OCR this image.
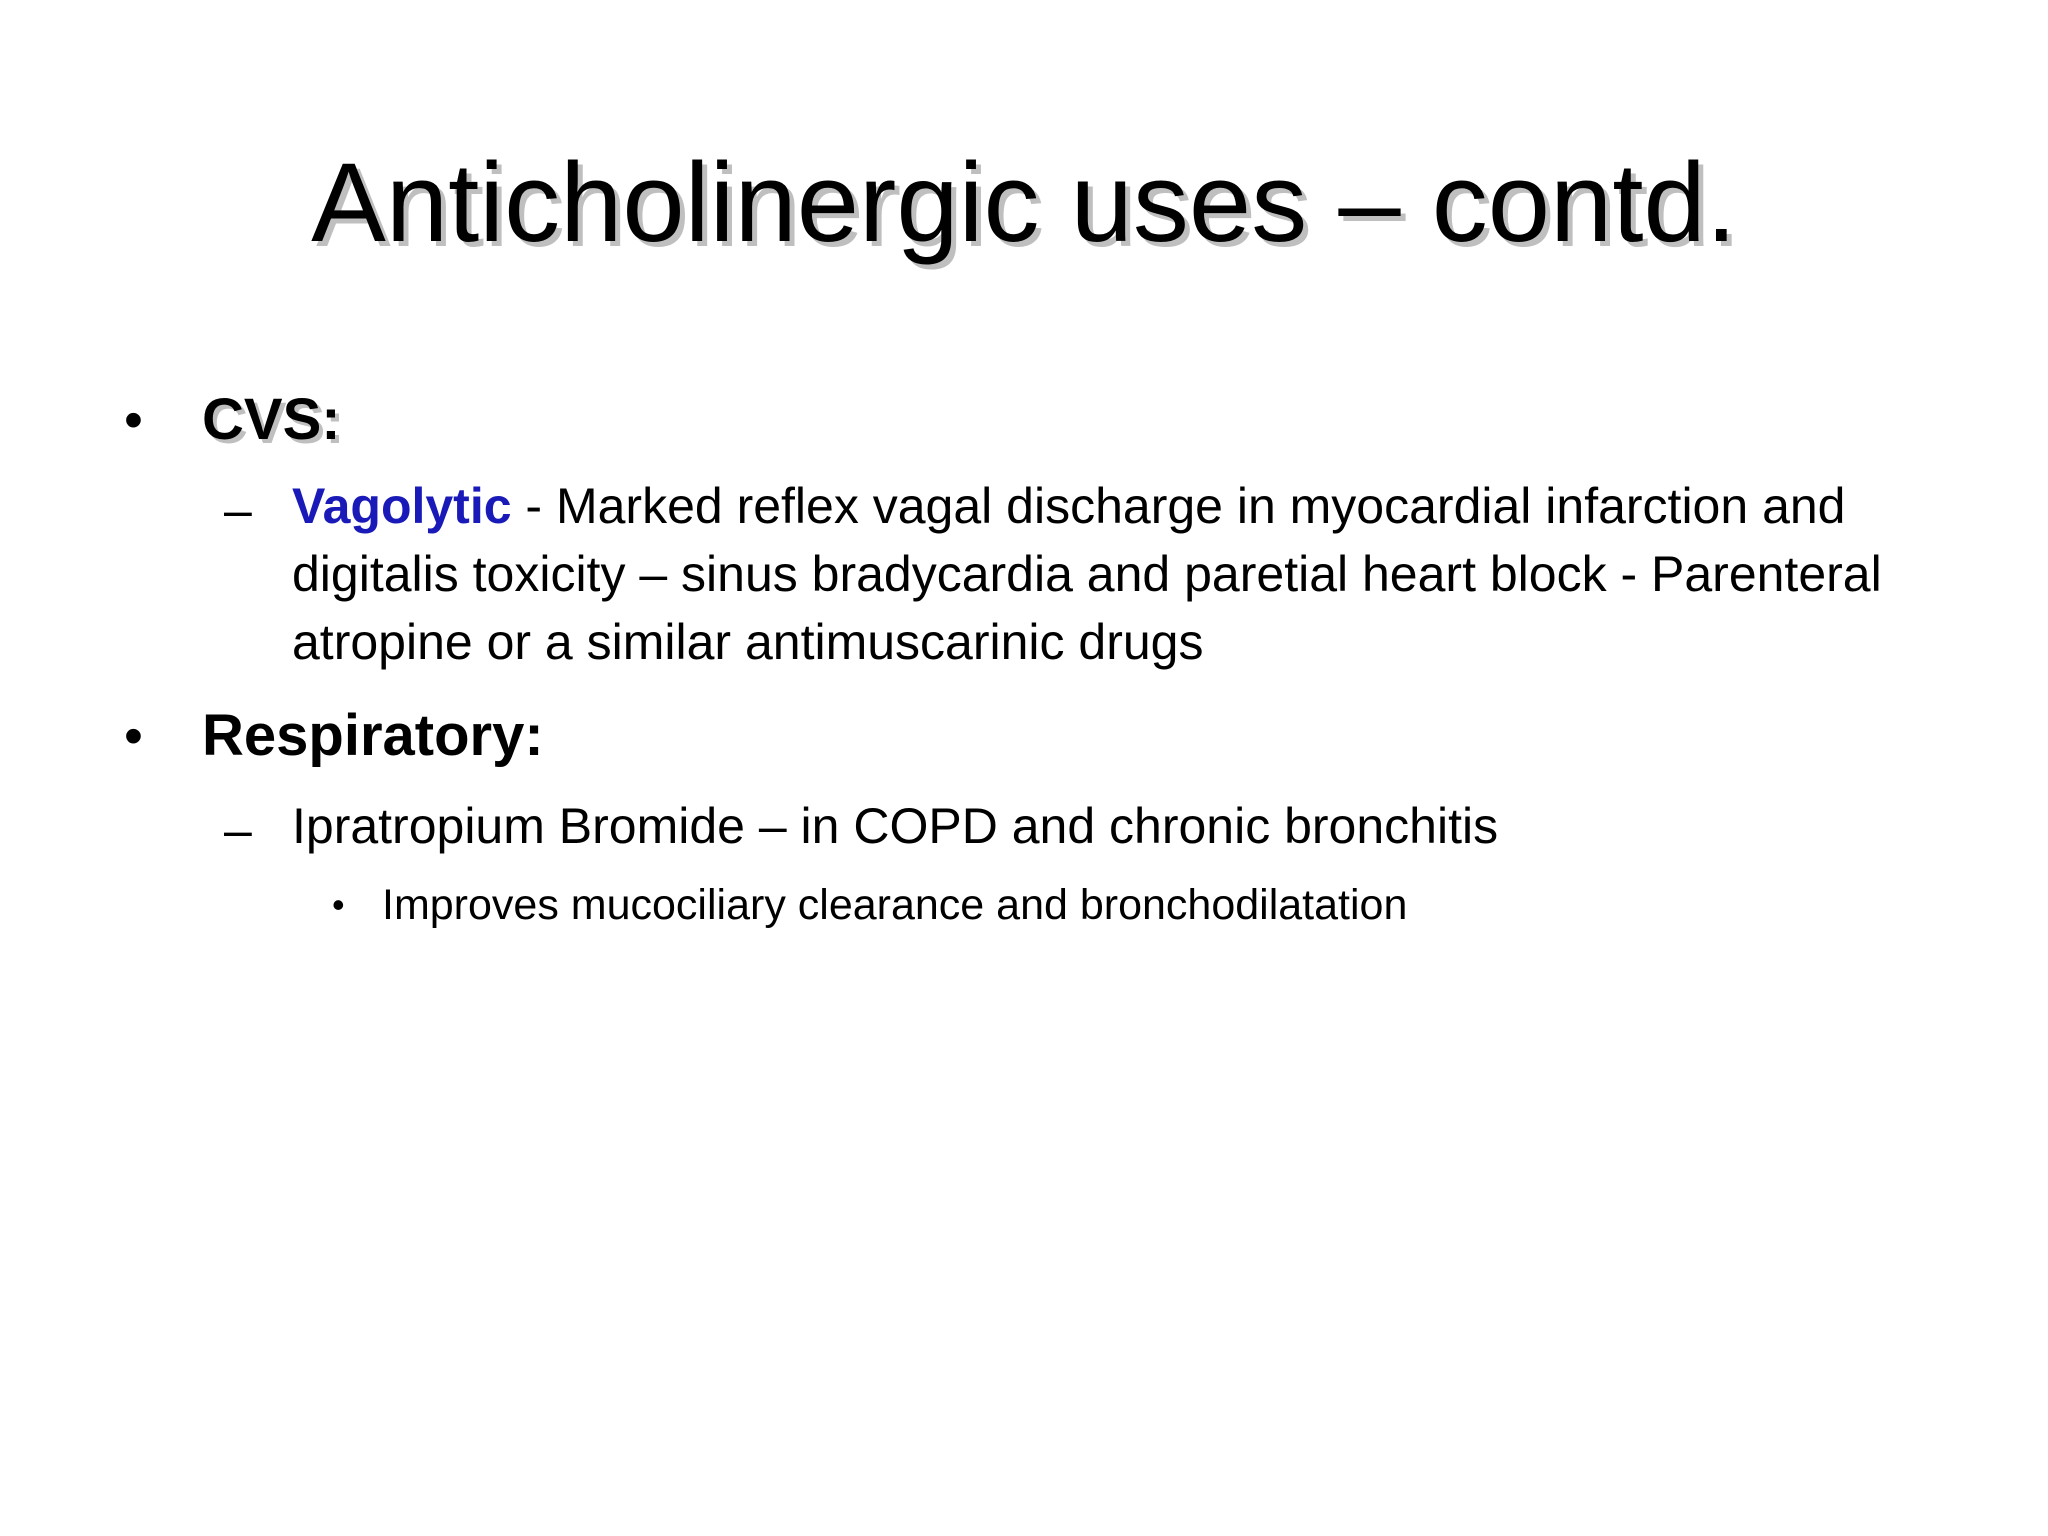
Anticholinergic uses – contd.
• CVS:
– Vagolytic - Marked reflex vagal discharge in myocardial infarction and digitalis toxicity – sinus bradycardia and paretial heart block - Parenteral atropine or a similar antimuscarinic drugs
• Respiratory:
– Ipratropium Bromide – in COPD and chronic bronchitis
• Improves mucociliary clearance and bronchodilatation
